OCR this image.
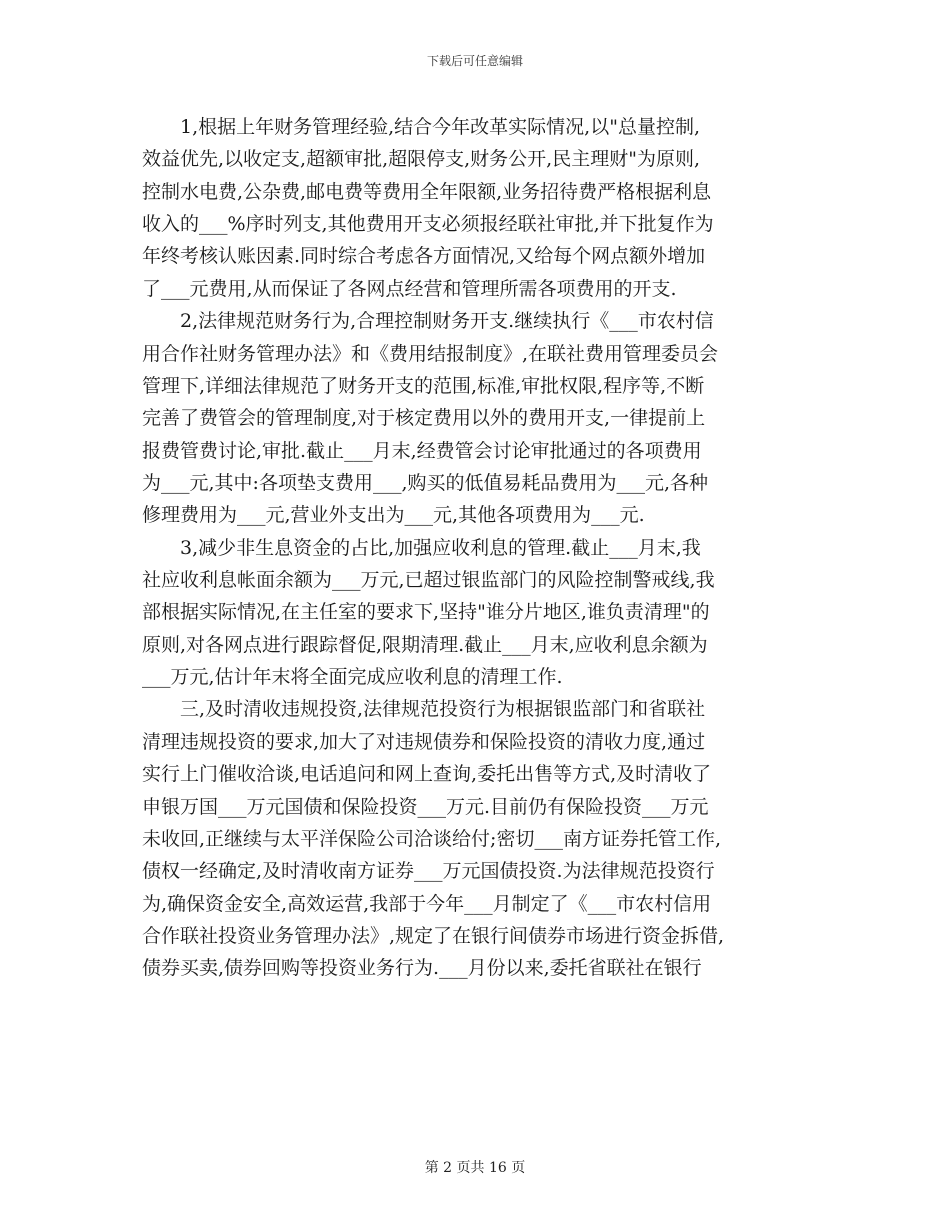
下载后可任意编辑
1,根据上年财务管理经验,结合今年改革实际情况,以"总量控制,
效益优先,以收定支,超额审批,超限停支,财务公开,民主理财"为原则,
控制水电费,公杂费,邮电费等费用全年限额,业务招待费严格根据利息
收入的___%序时列支,其他费用开支必须报经联社审批,并下批复作为
年终考核认账因素.同时综合考虑各方面情况,又给每个网点额外增加
了___元费用,从而保证了各网点经营和管理所需各项费用的开支.
2,法律规范财务行为,合理控制财务开支.继续执行《___市农村信
用合作社财务管理办法》和《费用结报制度》,在联社费用管理委员会
管理下,详细法律规范了财务开支的范围,标准,审批权限,程序等,不断
完善了费管会的管理制度,对于核定费用以外的费用开支,一律提前上
报费管费讨论,审批.截止___月末,经费管会讨论审批通过的各项费用
为___元,其中:各项垫支费用___,购买的低值易耗品费用为___元,各种
修理费用为___元,营业外支出为___元,其他各项费用为___元.
3,减少非生息资金的占比,加强应收利息的管理.截止___月末,我
社应收利息帐面余额为___万元,已超过银监部门的风险控制警戒线,我
部根据实际情况,在主任室的要求下,坚持"谁分片地区,谁负责清理"的
原则,对各网点进行跟踪督促,限期清理.截止___月末,应收利息余额为
___万元,估计年末将全面完成应收利息的清理工作.
三,及时清收违规投资,法律规范投资行为根据银监部门和省联社
清理违规投资的要求,加大了对违规债券和保险投资的清收力度,通过
实行上门催收洽谈,电话追问和网上查询,委托出售等方式,及时清收了
申银万国___万元国债和保险投资___万元.目前仍有保险投资___万元
未收回,正继续与太平洋保险公司洽谈给付;密切___南方证券托管工作,
债权一经确定,及时清收南方证券___万元国债投资.为法律规范投资行
为,确保资金安全,高效运营,我部于今年___月制定了《___市农村信用
合作联社投资业务管理办法》,规定了在银行间债券市场进行资金拆借,
债券买卖,债券回购等投资业务行为.___月份以来,委托省联社在银行
第 2 页共 16 页
